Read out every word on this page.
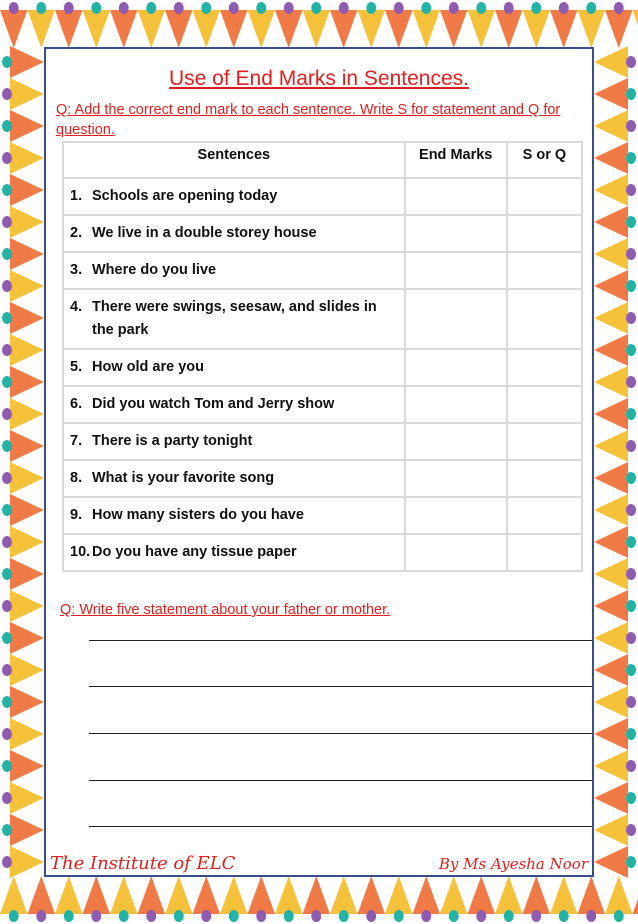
Use of End Marks in Sentences.
Q: Add the correct end mark to each sentence. Write S for statement and Q for question.
Sentences	End Marks	S or Q
1. Schools are opening today		
2. We live in a double storey house		
3. Where do you live		
4. There were swings, seesaw, and slides in the park		
5. How old are you		
6. Did you watch Tom and Jerry show		
7. There is a party tonight		
8. What is your favorite song		
9. How many sisters do you have		
10. Do you have any tissue paper		
Q: Write five statement about your father or mother.
The Institute of ELC	By Ms Ayesha Noor
